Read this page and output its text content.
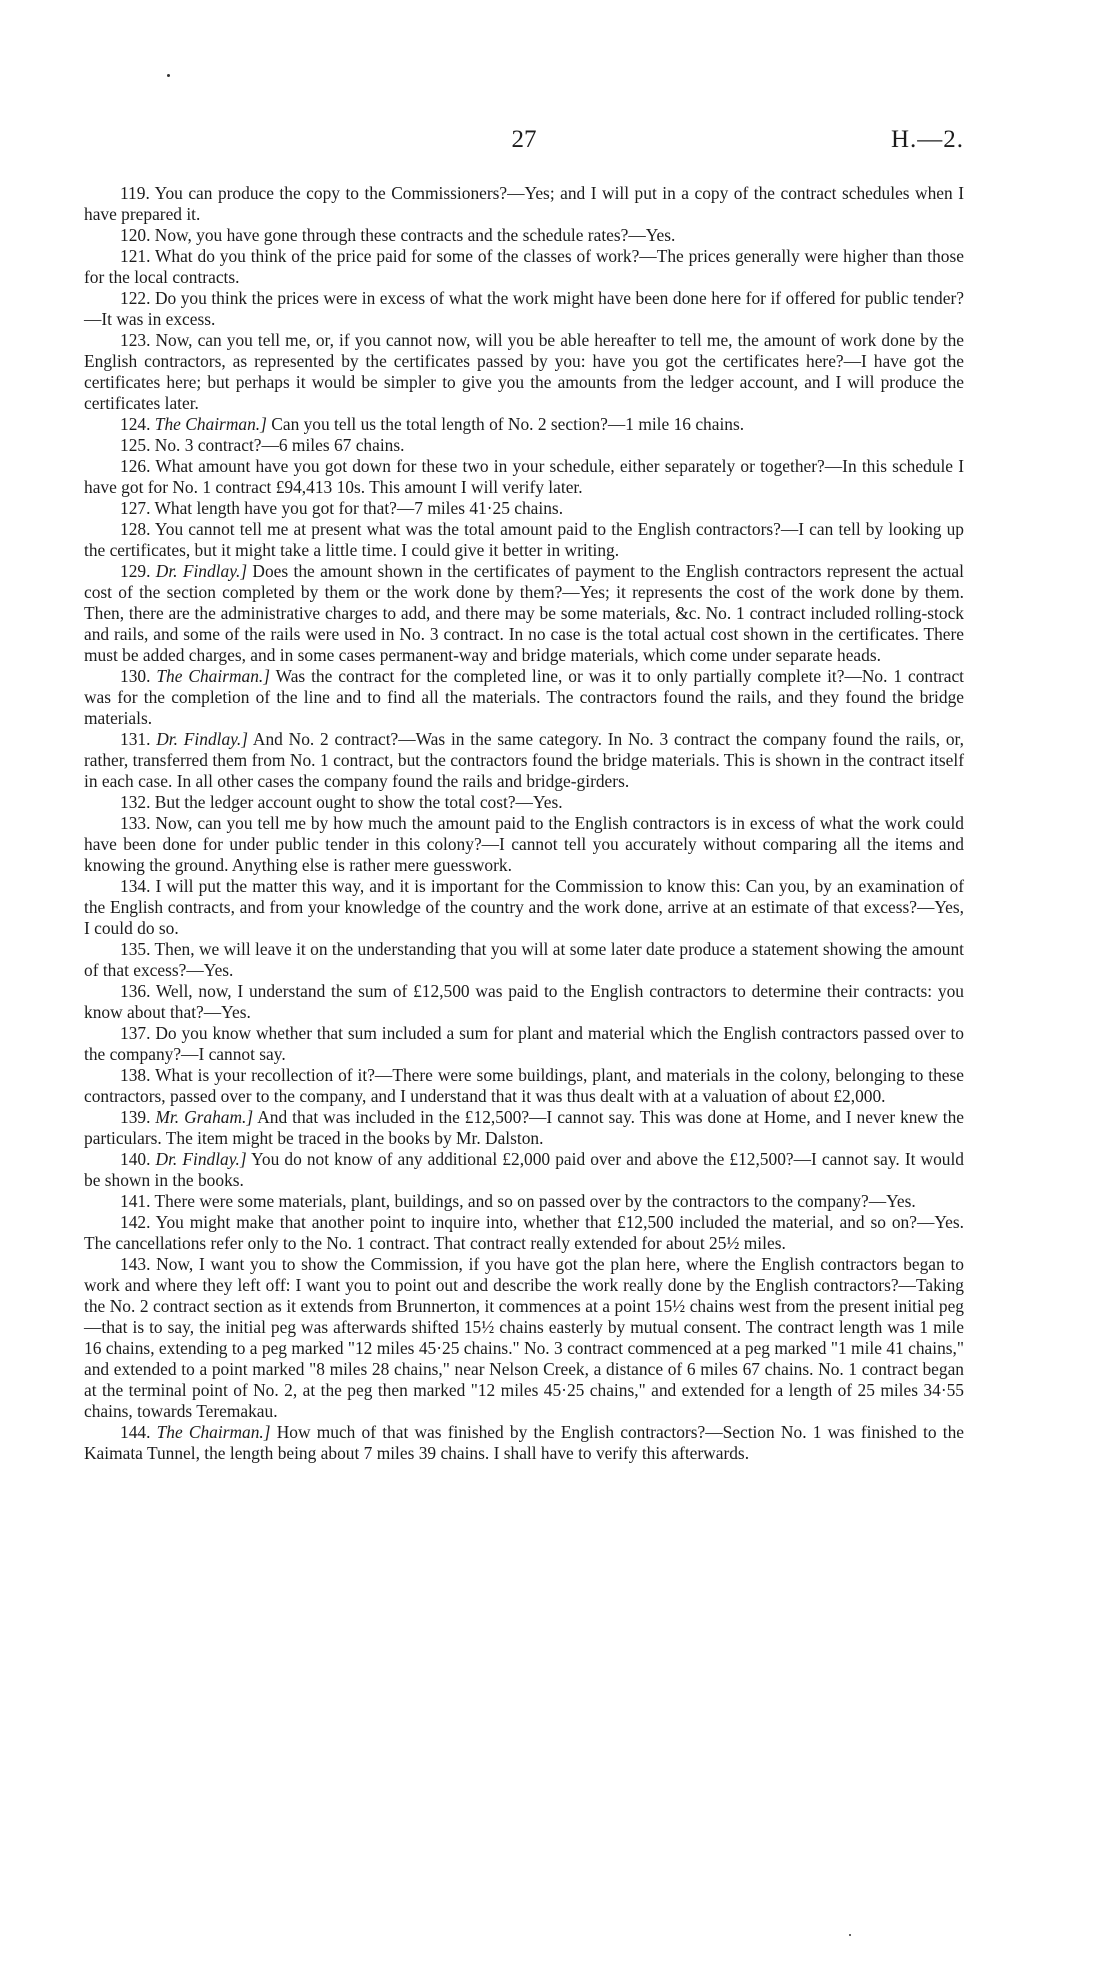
27	H.—2.

119. You can produce the copy to the Commissioners?—Yes; and I will put in a copy of the contract schedules when I have prepared it.

120. Now, you have gone through these contracts and the schedule rates?—Yes.

121. What do you think of the price paid for some of the classes of work?—The prices generally were higher than those for the local contracts.

122. Do you think the prices were in excess of what the work might have been done here for if offered for public tender?—It was in excess.

123. Now, can you tell me, or, if you cannot now, will you be able hereafter to tell me, the amount of work done by the English contractors, as represented by the certificates passed by you: have you got the certificates here?—I have got the certificates here; but perhaps it would be simpler to give you the amounts from the ledger account, and I will produce the certificates later.

124. The Chairman.] Can you tell us the total length of No. 2 section?—1 mile 16 chains.

125. No. 3 contract?—6 miles 67 chains.

126. What amount have you got down for these two in your schedule, either separately or together?—In this schedule I have got for No. 1 contract £94,413 10s. This amount I will verify later.

127. What length have you got for that?—7 miles 41·25 chains.

128. You cannot tell me at present what was the total amount paid to the English contractors?—I can tell by looking up the certificates, but it might take a little time. I could give it better in writing.

129. Dr. Findlay.] Does the amount shown in the certificates of payment to the English contractors represent the actual cost of the section completed by them or the work done by them?—Yes; it represents the cost of the work done by them. Then, there are the administrative charges to add, and there may be some materials, &c. No. 1 contract included rolling-stock and rails, and some of the rails were used in No. 3 contract. In no case is the total actual cost shown in the certificates. There must be added charges, and in some cases permanent-way and bridge materials, which come under separate heads.

130. The Chairman.] Was the contract for the completed line, or was it to only partially complete it?—No. 1 contract was for the completion of the line and to find all the materials. The contractors found the rails, and they found the bridge materials.

131. Dr. Findlay.] And No. 2 contract?—Was in the same category. In No. 3 contract the company found the rails, or, rather, transferred them from No. 1 contract, but the contractors found the bridge materials. This is shown in the contract itself in each case. In all other cases the company found the rails and bridge-girders.

132. But the ledger account ought to show the total cost?—Yes.

133. Now, can you tell me by how much the amount paid to the English contractors is in excess of what the work could have been done for under public tender in this colony?—I cannot tell you accurately without comparing all the items and knowing the ground. Anything else is rather mere guesswork.

134. I will put the matter this way, and it is important for the Commission to know this: Can you, by an examination of the English contracts, and from your knowledge of the country and the work done, arrive at an estimate of that excess?—Yes, I could do so.

135. Then, we will leave it on the understanding that you will at some later date produce a statement showing the amount of that excess?—Yes.

136. Well, now, I understand the sum of £12,500 was paid to the English contractors to determine their contracts: you know about that?—Yes.

137. Do you know whether that sum included a sum for plant and material which the English contractors passed over to the company?—I cannot say.

138. What is your recollection of it?—There were some buildings, plant, and materials in the colony, belonging to these contractors, passed over to the company, and I understand that it was thus dealt with at a valuation of about £2,000.

139. Mr. Graham.] And that was included in the £12,500?—I cannot say. This was done at Home, and I never knew the particulars. The item might be traced in the books by Mr. Dalston.

140. Dr. Findlay.] You do not know of any additional £2,000 paid over and above the £12,500?—I cannot say. It would be shown in the books.

141. There were some materials, plant, buildings, and so on passed over by the contractors to the company?—Yes.

142. You might make that another point to inquire into, whether that £12,500 included the material, and so on?—Yes. The cancellations refer only to the No. 1 contract. That contract really extended for about 25½ miles.

143. Now, I want you to show the Commission, if you have got the plan here, where the English contractors began to work and where they left off: I want you to point out and describe the work really done by the English contractors?—Taking the No. 2 contract section as it extends from Brunnerton, it commences at a point 15½ chains west from the present initial peg—that is to say, the initial peg was afterwards shifted 15½ chains easterly by mutual consent. The contract length was 1 mile 16 chains, extending to a peg marked "12 miles 45·25 chains." No. 3 contract commenced at a peg marked "1 mile 41 chains," and extended to a point marked "8 miles 28 chains," near Nelson Creek, a distance of 6 miles 67 chains. No. 1 contract began at the terminal point of No. 2, at the peg then marked "12 miles 45·25 chains," and extended for a length of 25 miles 34·55 chains, towards Teremakau.

144. The Chairman.] How much of that was finished by the English contractors?—Section No. 1 was finished to the Kaimata Tunnel, the length being about 7 miles 39 chains. I shall have to verify this afterwards.
